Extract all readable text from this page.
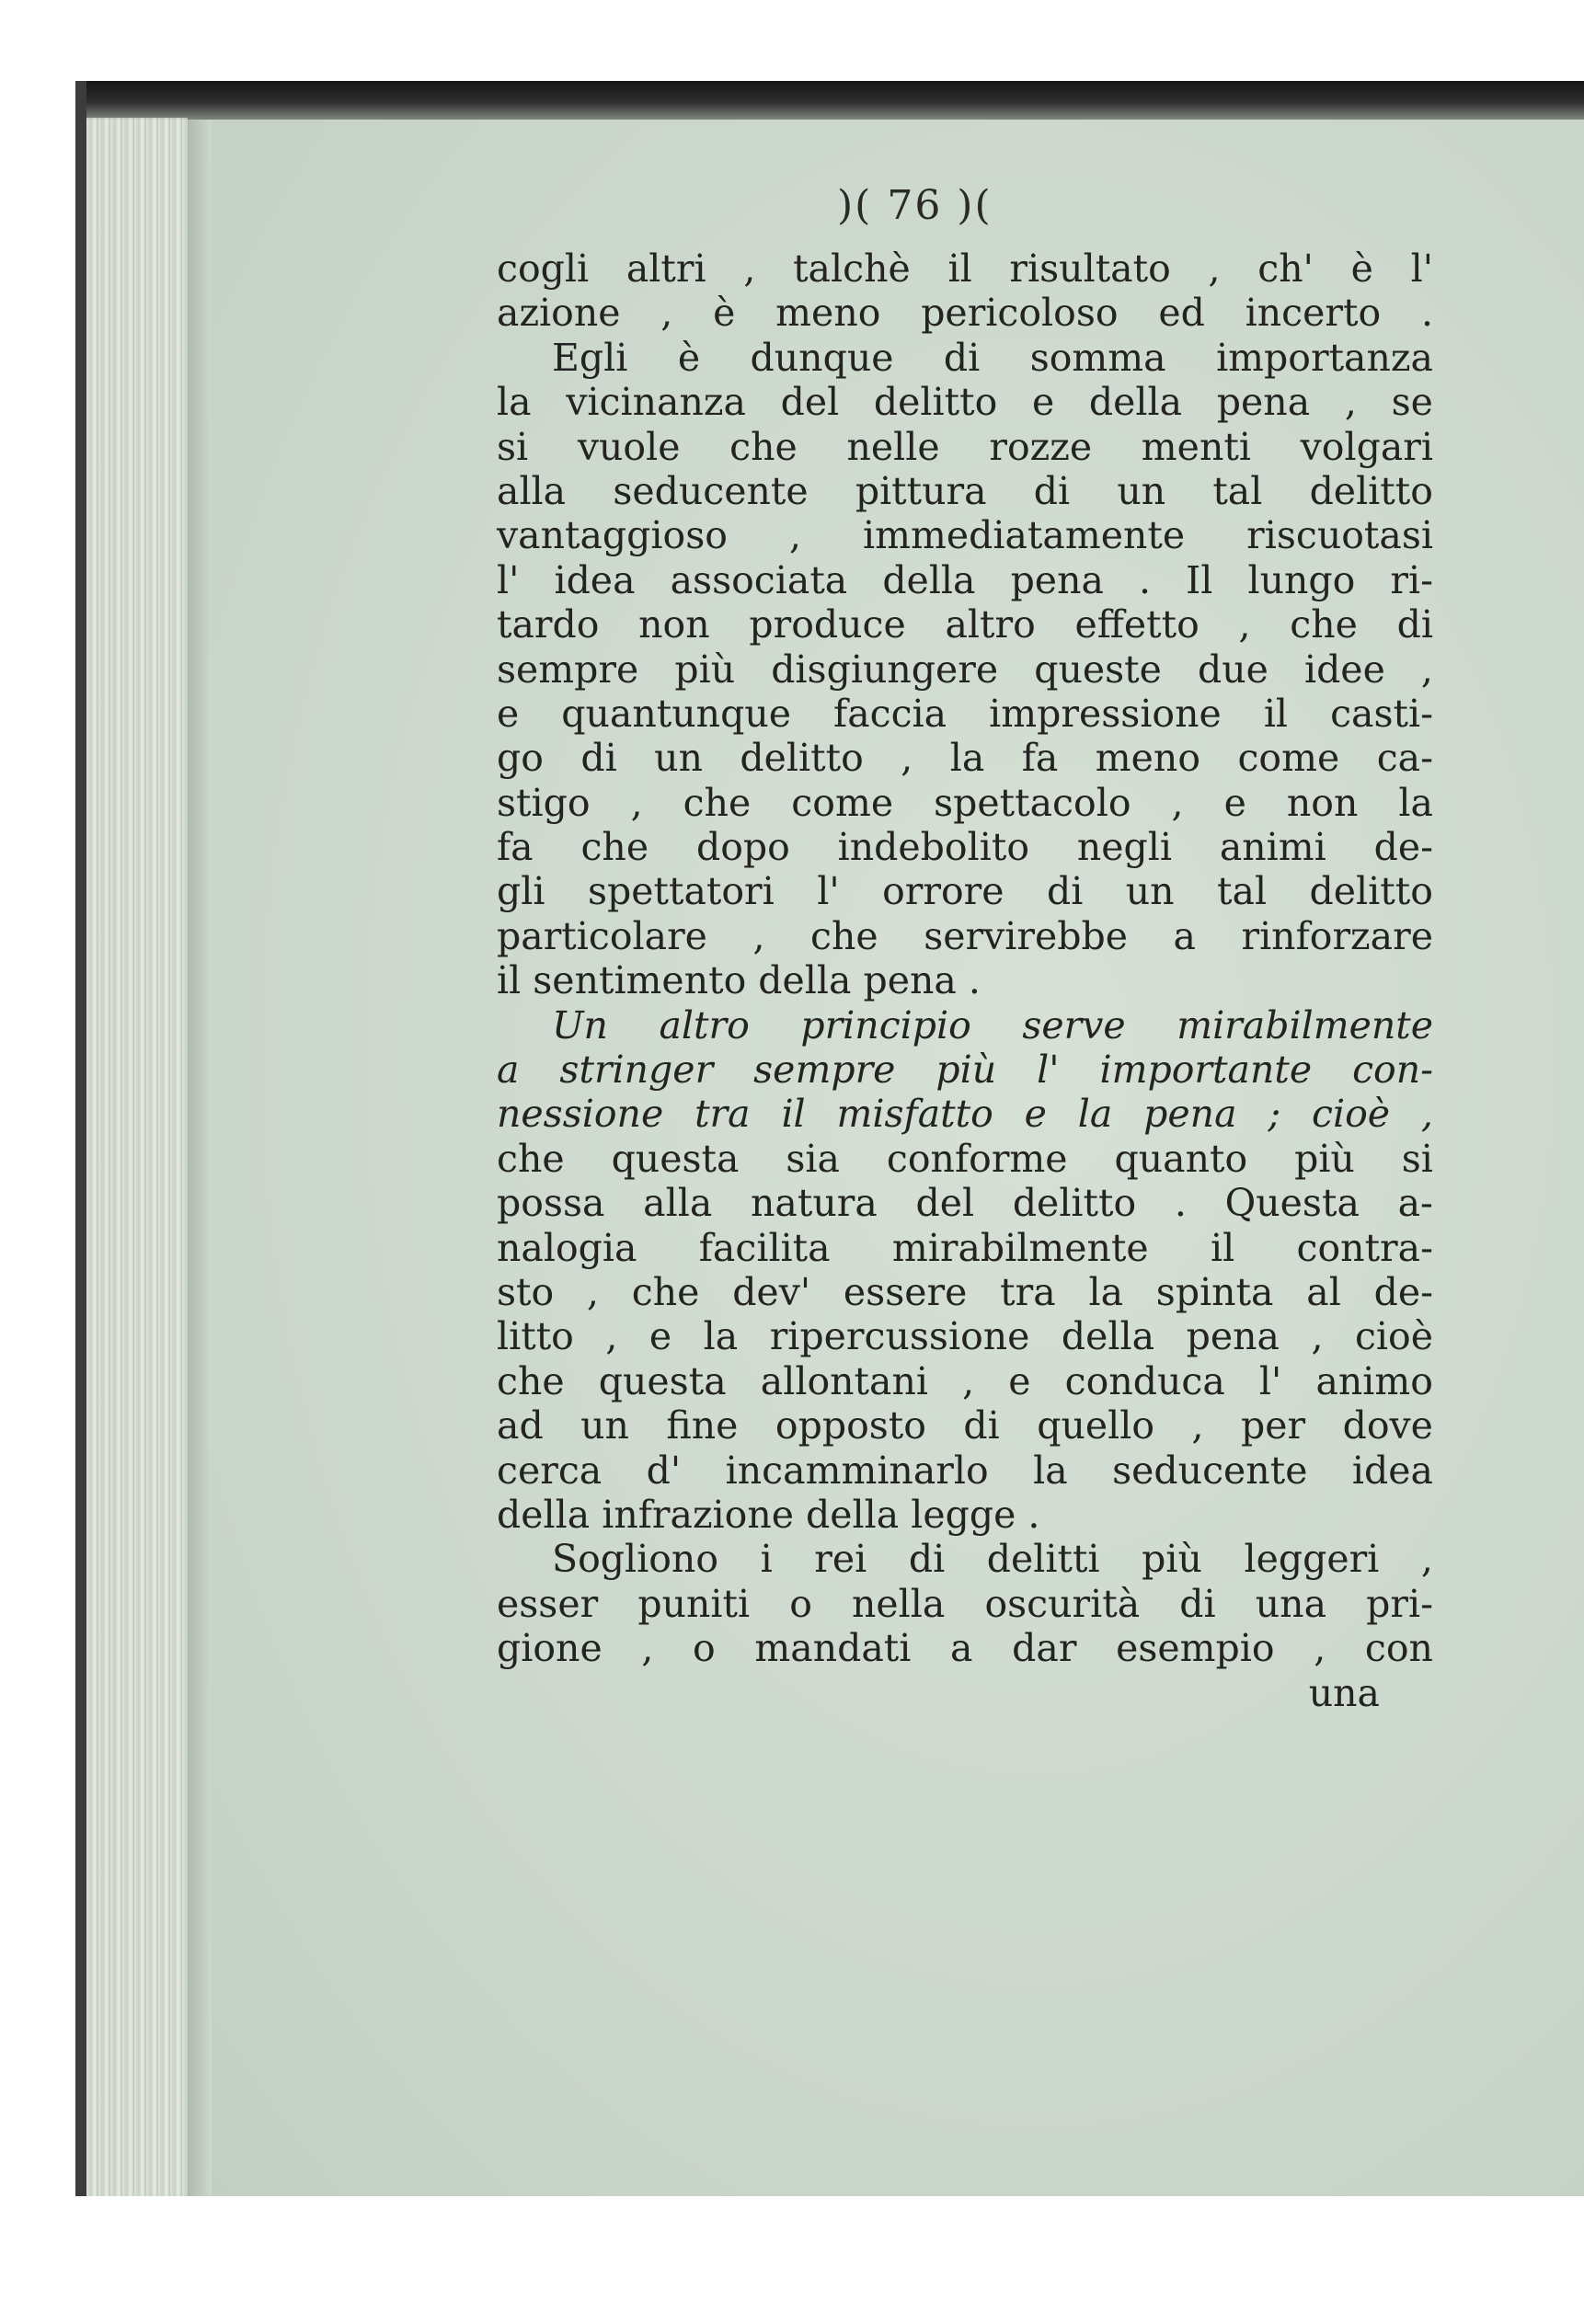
)( 76 )(
cogli altri , talchè il risultato , ch' è l'
azione , è meno pericoloso ed incerto .
Egli è dunque di somma importanza
la vicinanza del delitto e della pena , se
si vuole che nelle rozze menti volgari
alla seducente pittura di un tal delitto
vantaggioso , immediatamente riscuotasi
l' idea associata della pena . Il lungo ri-
tardo non produce altro effetto , che di
sempre più disgiungere queste due idee ,
e quantunque faccia impressione il casti-
go di un delitto , la fa meno come ca-
stigo , che come spettacolo , e non la
fa che dopo indebolito negli animi de-
gli spettatori l' orrore di un tal delitto
particolare , che servirebbe a rinforzare
il sentimento della pena .
Un altro principio serve mirabilmente
a stringer sempre più l' importante con-
nessione tra il misfatto e la pena ; cioè ,
che questa sia conforme quanto più si
possa alla natura del delitto . Questa a-
nalogia facilita mirabilmente il contra-
sto , che dev' essere tra la spinta al de-
litto , e la ripercussione della pena , cioè
che questa allontani , e conduca l' animo
ad un fine opposto di quello , per dove
cerca d' incamminarlo la seducente idea
della infrazione della legge .
Sogliono i rei di delitti più leggeri ,
esser puniti o nella oscurità di una pri-
gione , o mandati a dar esempio , con
una
